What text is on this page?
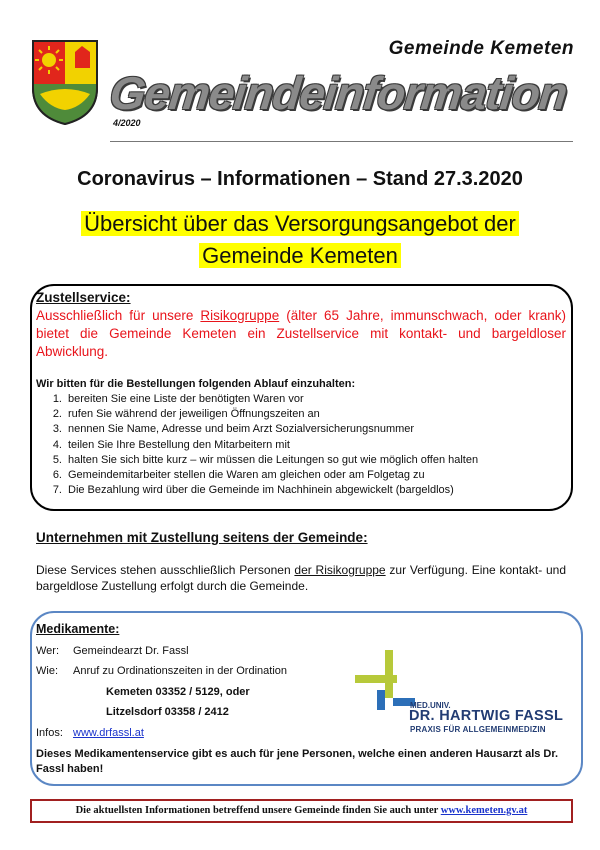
Gemeinde Kemeten
Gemeindeinformation
4/2020
Coronavirus – Informationen – Stand 27.3.2020
Übersicht über das Versorgungsangebot der
Gemeinde Kemeten
Zustellservice:
Ausschließlich für unsere Risikogruppe (älter 65 Jahre, immunschwach, oder krank) bietet die Gemeinde Kemeten ein Zustellservice mit kontakt- und bargeldloser Abwicklung.
Wir bitten für die Bestellungen folgenden Ablauf einzuhalten:
1. bereiten Sie eine Liste der benötigten Waren vor
2. rufen Sie während der jeweiligen Öffnungszeiten an
3. nennen Sie Name, Adresse und beim Arzt Sozialversicherungsnummer
4. teilen Sie Ihre Bestellung den Mitarbeitern mit
5. halten Sie sich bitte kurz – wir müssen die Leitungen so gut wie möglich offen halten
6. Gemeindemitarbeiter stellen die Waren am gleichen oder am Folgetag zu
7. Die Bezahlung wird über die Gemeinde im Nachhinein abgewickelt (bargeldlos)
Unternehmen mit Zustellung seitens der Gemeinde:
Diese Services stehen ausschließlich Personen der Risikogruppe zur Verfügung. Eine kontakt- und bargeldlose Zustellung erfolgt durch die Gemeinde.
Medikamente:
Wer: Gemeindearzt Dr. Fassl
Wie: Anruf zu Ordinationszeiten in der Ordination
Kemeten 03352 / 5129, oder
Litzelsdorf 03358 / 2412
Infos: www.drfassl.at
Dieses Medikamentenservice gibt es auch für jene Personen, welche einen anderen Hausarzt als Dr. Fassl haben!
MED.UNIV.
DR. HARTWIG FASSL
PRAXIS FÜR ALLGEMEINMEDIZIN
Die aktuellsten Informationen betreffend unsere Gemeinde finden Sie auch unter www.kemeten.gv.at
